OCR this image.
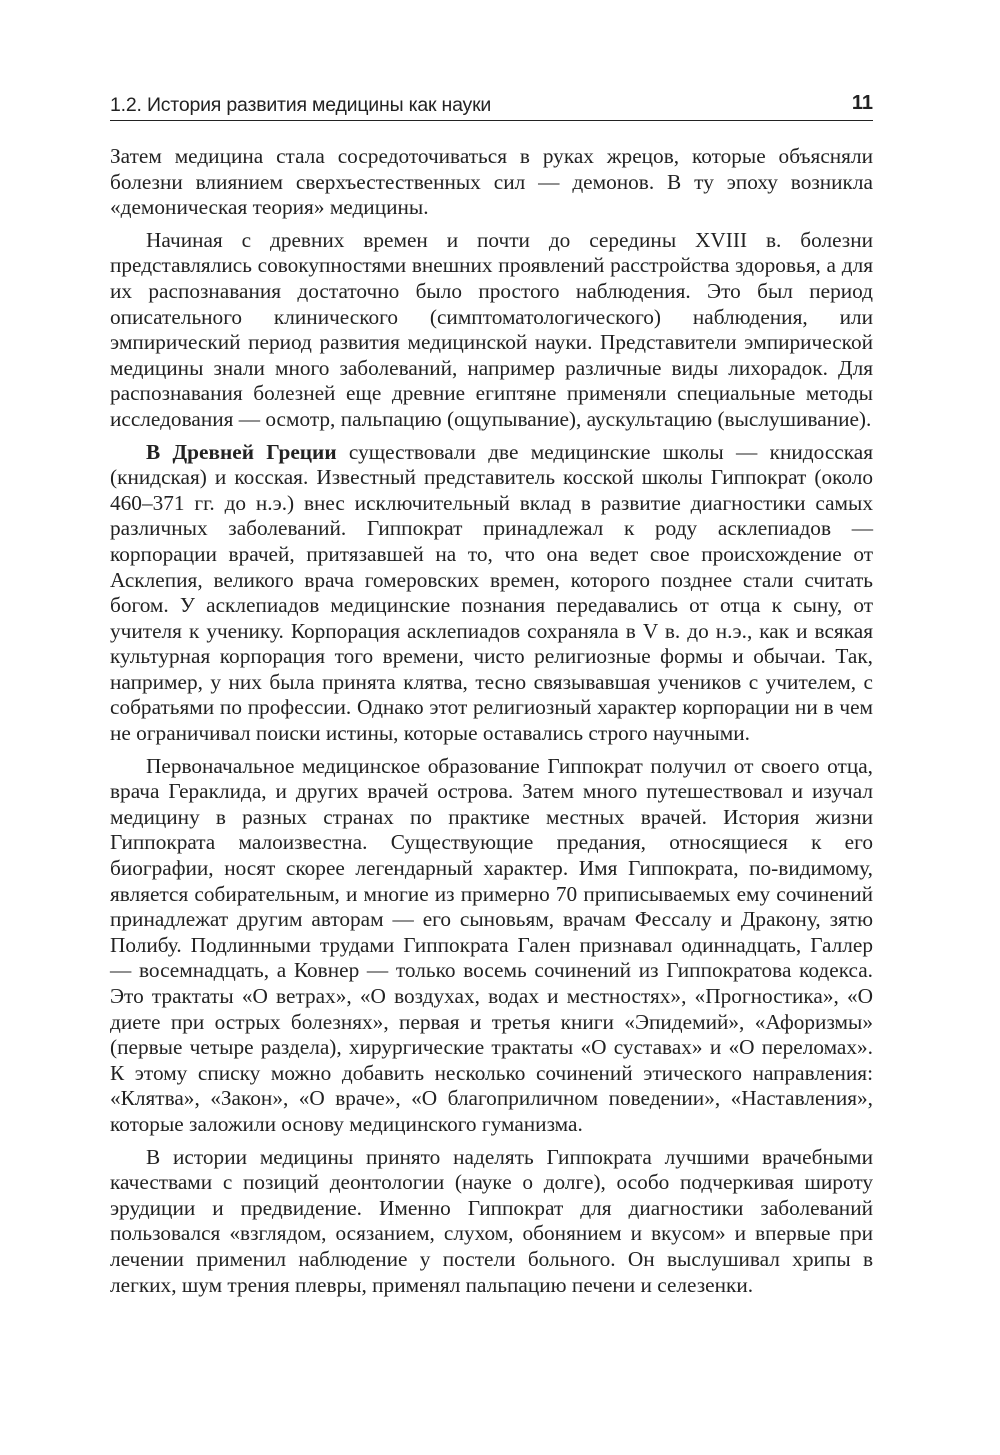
1.2. История развития медицины как науки	11

Затем медицина стала сосредоточиваться в руках жрецов, которые объясняли болезни влиянием сверхъестественных сил — демонов. В ту эпоху возникла «демоническая теория» медицины.

Начиная с древних времен и почти до середины XVIII в. болезни представлялись совокупностями внешних проявлений расстройства здоровья, а для их распознавания достаточно было простого наблюдения. Это был период описательного клинического (симптоматологического) наблюдения, или эмпирический период развития медицинской науки. Представители эмпирической медицины знали много заболеваний, например различные виды лихорадок. Для распознавания болезней еще древние египтяне применяли специальные методы исследования — осмотр, пальпацию (ощупывание), аускультацию (выслушивание).

В Древней Греции существовали две медицинские школы — книдосская (книдская) и косская. Известный представитель косской школы Гиппократ (около 460–371 гг. до н.э.) внес исключительный вклад в развитие диагностики самых различных заболеваний. Гиппократ принадлежал к роду асклепиадов — корпорации врачей, притязавшей на то, что она ведет свое происхождение от Асклепия, великого врача гомеровских времен, которого позднее стали считать богом. У асклепиадов медицинские познания передавались от отца к сыну, от учителя к ученику. Корпорация асклепиадов сохраняла в V в. до н.э., как и всякая культурная корпорация того времени, чисто религиозные формы и обычаи. Так, например, у них была принята клятва, тесно связывавшая учеников с учителем, с собратьями по профессии. Однако этот религиозный характер корпорации ни в чем не ограничивал поиски истины, которые оставались строго научными.

Первоначальное медицинское образование Гиппократ получил от своего отца, врача Гераклида, и других врачей острова. Затем много путешествовал и изучал медицину в разных странах по практике местных врачей. История жизни Гиппократа малоизвестна. Существующие предания, относящиеся к его биографии, носят скорее легендарный характер. Имя Гиппократа, по-видимому, является собирательным, и многие из примерно 70 приписываемых ему сочинений принадлежат другим авторам — его сыновьям, врачам Фессалу и Дракону, зятю Полибу. Подлинными трудами Гиппократа Гален признавал одиннадцать, Галлер — восемнадцать, а Ковнер — только восемь сочинений из Гиппократова кодекса. Это трактаты «О ветрах», «О воздухах, водах и местностях», «Прогностика», «О диете при острых болезнях», первая и третья книги «Эпидемий», «Афоризмы» (первые четыре раздела), хирургические трактаты «О суставах» и «О переломах». К этому списку можно добавить несколько сочинений этического направления: «Клятва», «Закон», «О враче», «О благоприличном поведении», «Наставления», которые заложили основу медицинского гуманизма.

В истории медицины принято наделять Гиппократа лучшими врачебными качествами с позиций деонтологии (науке о долге), особо подчеркивая широту эрудиции и предвидение. Именно Гиппократ для диагностики заболеваний пользовался «взглядом, осязанием, слухом, обонянием и вкусом» и впервые при лечении применил наблюдение у постели больного. Он выслушивал хрипы в легких, шум трения плевры, применял пальпацию печени и селезенки.
